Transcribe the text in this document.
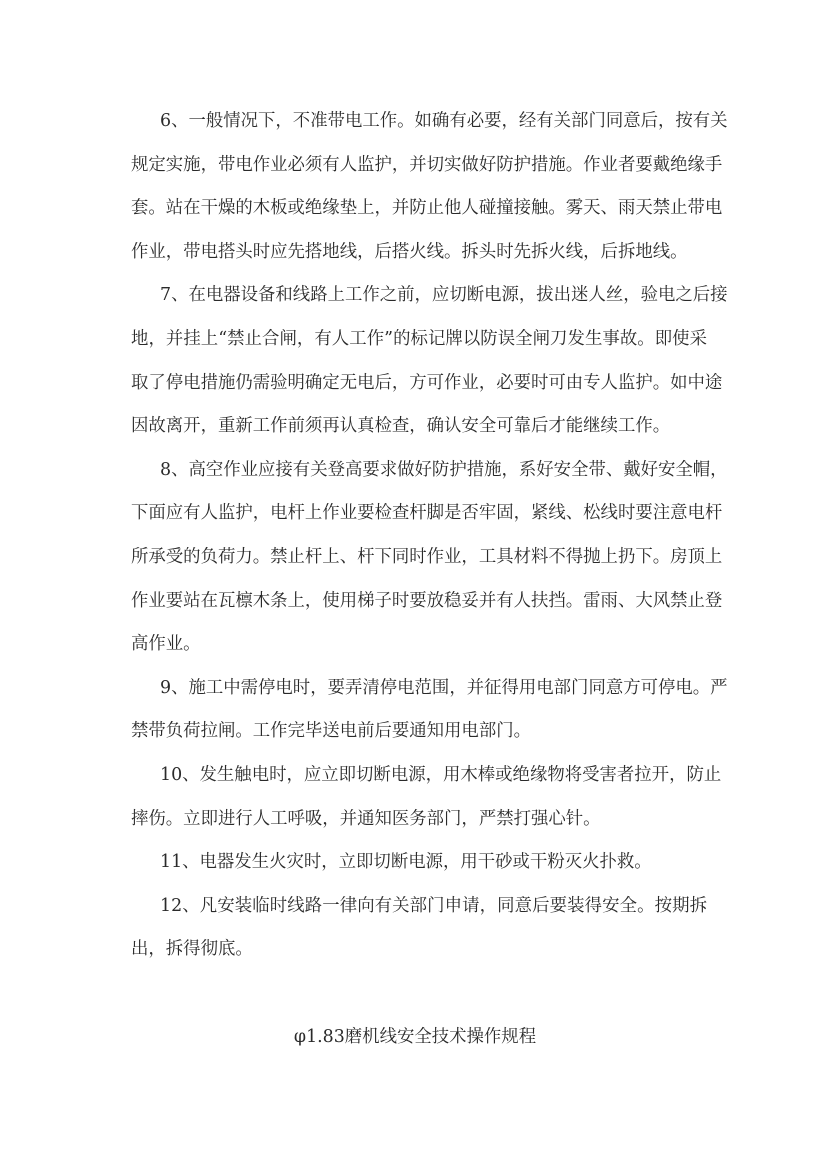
6、一般情况下，不准带电工作。如确有必要，经有关部门同意后，按有关
规定实施，带电作业必须有人监护，并切实做好防护措施。作业者要戴绝缘手
套。站在干燥的木板或绝缘垫上，并防止他人碰撞接触。雾天、雨天禁止带电
作业，带电搭头时应先搭地线，后搭火线。拆头时先拆火线，后拆地线。
7、在电器设备和线路上工作之前，应切断电源，拔出迷人丝，验电之后接
地，并挂上“禁止合闸，有人工作”的标记牌以防误全闸刀发生事故。即使采
取了停电措施仍需验明确定无电后，方可作业，必要时可由专人监护。如中途
因故离开，重新工作前须再认真检查，确认安全可靠后才能继续工作。
8、高空作业应接有关登高要求做好防护措施，系好安全带、戴好安全帽，
下面应有人监护，电杆上作业要检查杆脚是否牢固，紧线、松线时要注意电杆
所承受的负荷力。禁止杆上、杆下同时作业，工具材料不得抛上扔下。房顶上
作业要站在瓦檩木条上，使用梯子时要放稳妥并有人扶挡。雷雨、大风禁止登
高作业。
9、施工中需停电时，要弄清停电范围，并征得用电部门同意方可停电。严
禁带负荷拉闸。工作完毕送电前后要通知用电部门。
10、发生触电时，应立即切断电源，用木棒或绝缘物将受害者拉开，防止
摔伤。立即进行人工呼吸，并通知医务部门，严禁打强心针。
11、电器发生火灾时，立即切断电源，用干砂或干粉灭火扑救。
12、凡安装临时线路一律向有关部门申请，同意后要装得安全。按期拆
出，拆得彻底。
φ1.83磨机线安全技术操作规程
